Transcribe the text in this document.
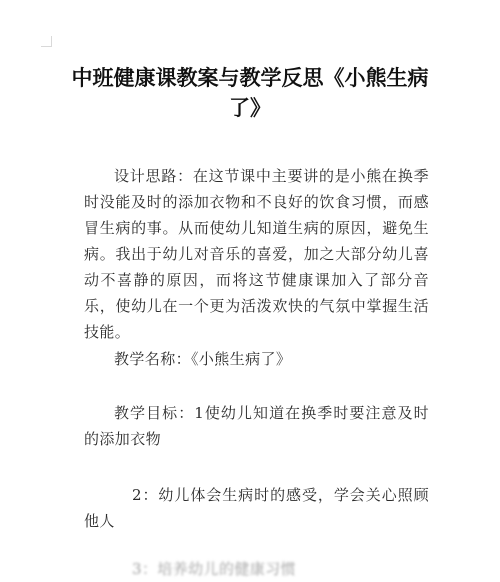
中班健康课教案与教学反思《小熊生病了》

设计思路：在这节课中主要讲的是小熊在换季时没能及时的添加衣物和不良好的饮食习惯，而感冒生病的事。从而使幼儿知道生病的原因，避免生病。我出于幼儿对音乐的喜爱，加之大部分幼儿喜动不喜静的原因，而将这节健康课加入了部分音乐，使幼儿在一个更为活泼欢快的气氛中掌握生活技能。

教学名称：《小熊生病了》

教学目标：1使幼儿知道在换季时要注意及时的添加衣物

2：幼儿体会生病时的感受，学会关心照顾他人

3：培养幼儿的健康习惯
